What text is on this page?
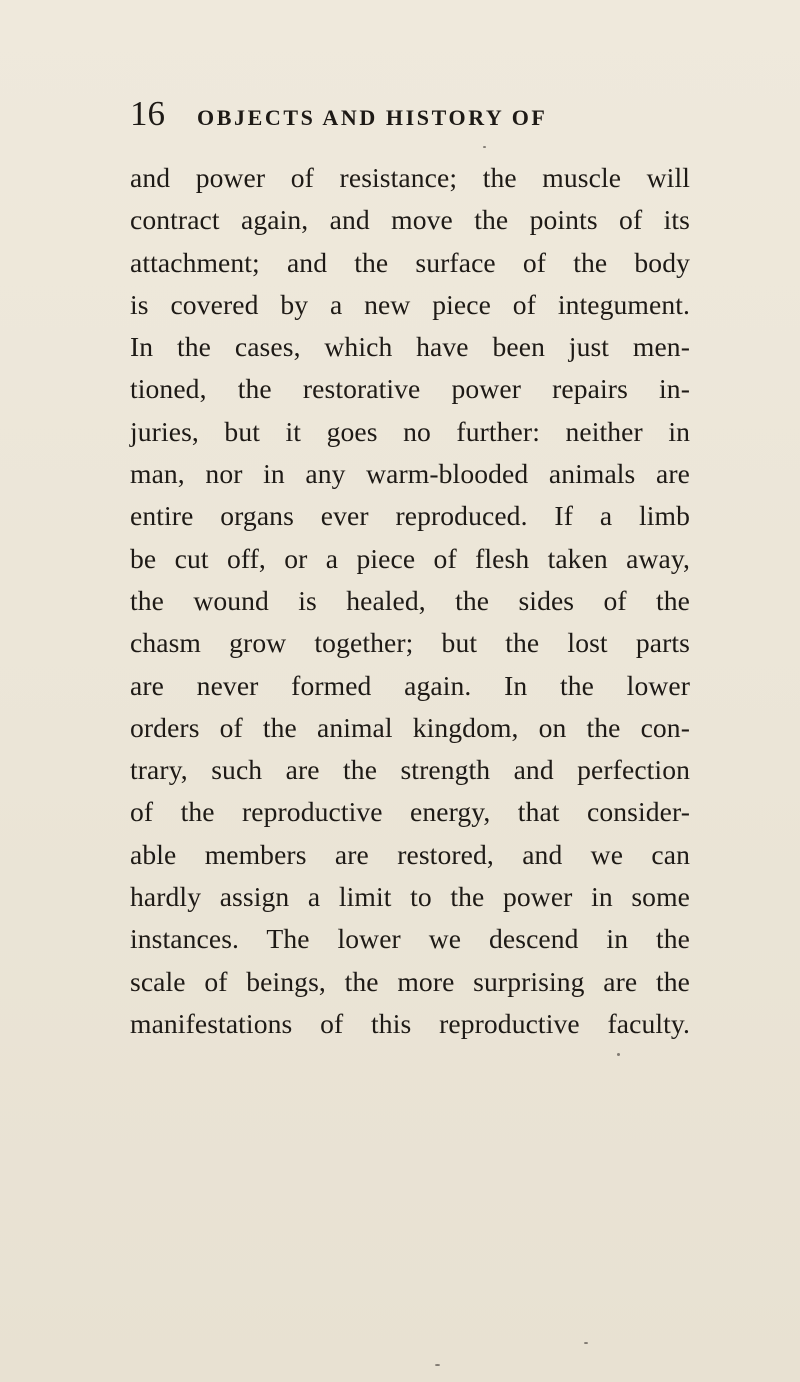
16 OBJECTS AND HISTORY OF
and power of resistance; the muscle will
contract again, and move the points of its
attachment; and the surface of the body
is covered by a new piece of integument.
In the cases, which have been just men-
tioned, the restorative power repairs in-
juries, but it goes no further: neither in
man, nor in any warm-blooded animals are
entire organs ever reproduced. If a limb
be cut off, or a piece of flesh taken away,
the wound is healed, the sides of the
chasm grow together; but the lost parts
are never formed again. In the lower
orders of the animal kingdom, on the con-
trary, such are the strength and perfection
of the reproductive energy, that consider-
able members are restored, and we can
hardly assign a limit to the power in some
instances. The lower we descend in the
scale of beings, the more surprising are the
manifestations of this reproductive faculty.
